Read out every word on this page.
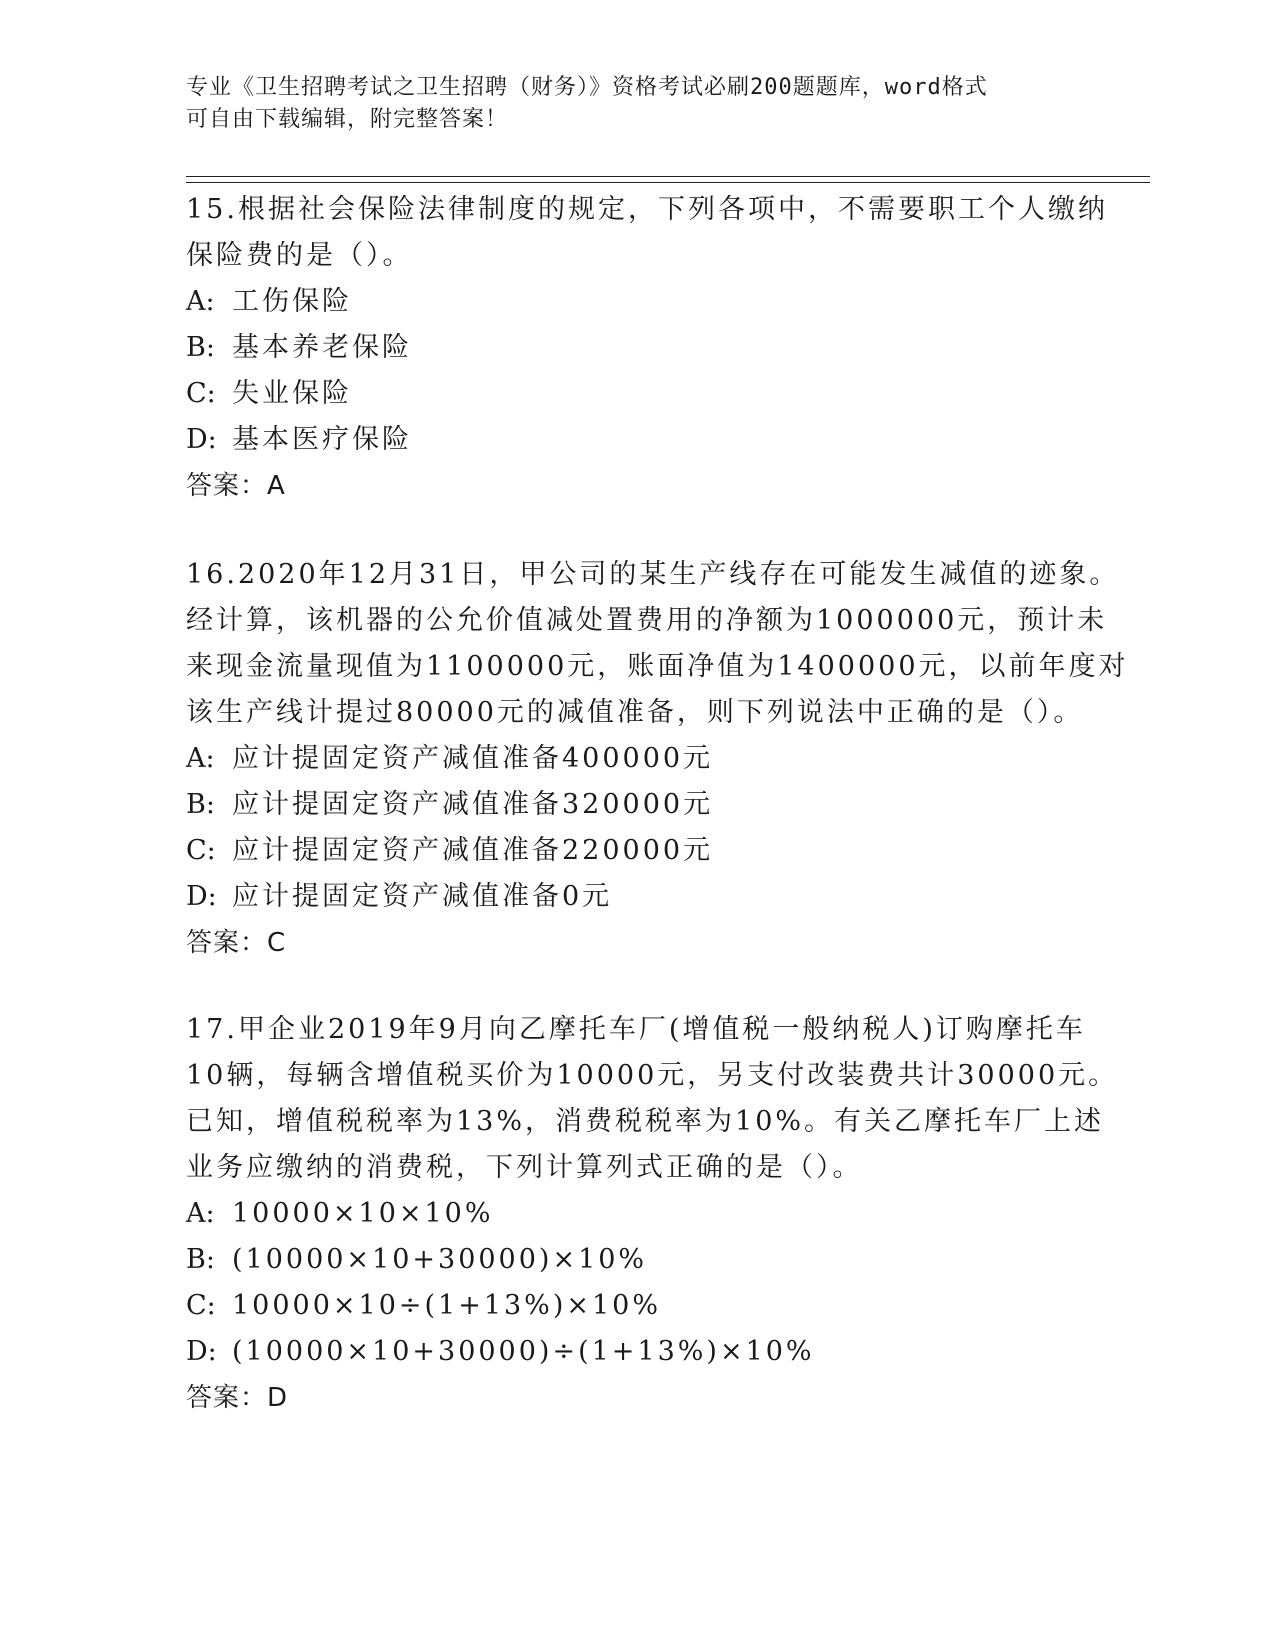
专业《卫生招聘考试之卫生招聘（财务）》资格考试必刷200题题库，word格式
可自由下载编辑，附完整答案！
15.根据社会保险法律制度的规定，下列各项中，不需要职工个人缴纳
保险费的是（）。
A: 工伤保险
B: 基本养老保险
C: 失业保险
D: 基本医疗保险
答案：A
16.2020年12月31日，甲公司的某生产线存在可能发生减值的迹象。
经计算，该机器的公允价值减处置费用的净额为1000000元，预计未
来现金流量现值为1100000元，账面净值为1400000元，以前年度对
该生产线计提过80000元的减值准备，则下列说法中正确的是（）。
A: 应计提固定资产减值准备400000元
B: 应计提固定资产减值准备320000元
C: 应计提固定资产减值准备220000元
D: 应计提固定资产减值准备0元
答案：C
17.甲企业2019年9月向乙摩托车厂(增值税一般纳税人)订购摩托车
10辆，每辆含增值税买价为10000元，另支付改装费共计30000元。
已知，增值税税率为13%，消费税税率为10%。有关乙摩托车厂上述
业务应缴纳的消费税，下列计算列式正确的是（）。
A: 10000×10×10%
B: (10000×10+30000)×10%
C: 10000×10÷(1+13%)×10%
D: (10000×10+30000)÷(1+13%)×10%
答案：D
